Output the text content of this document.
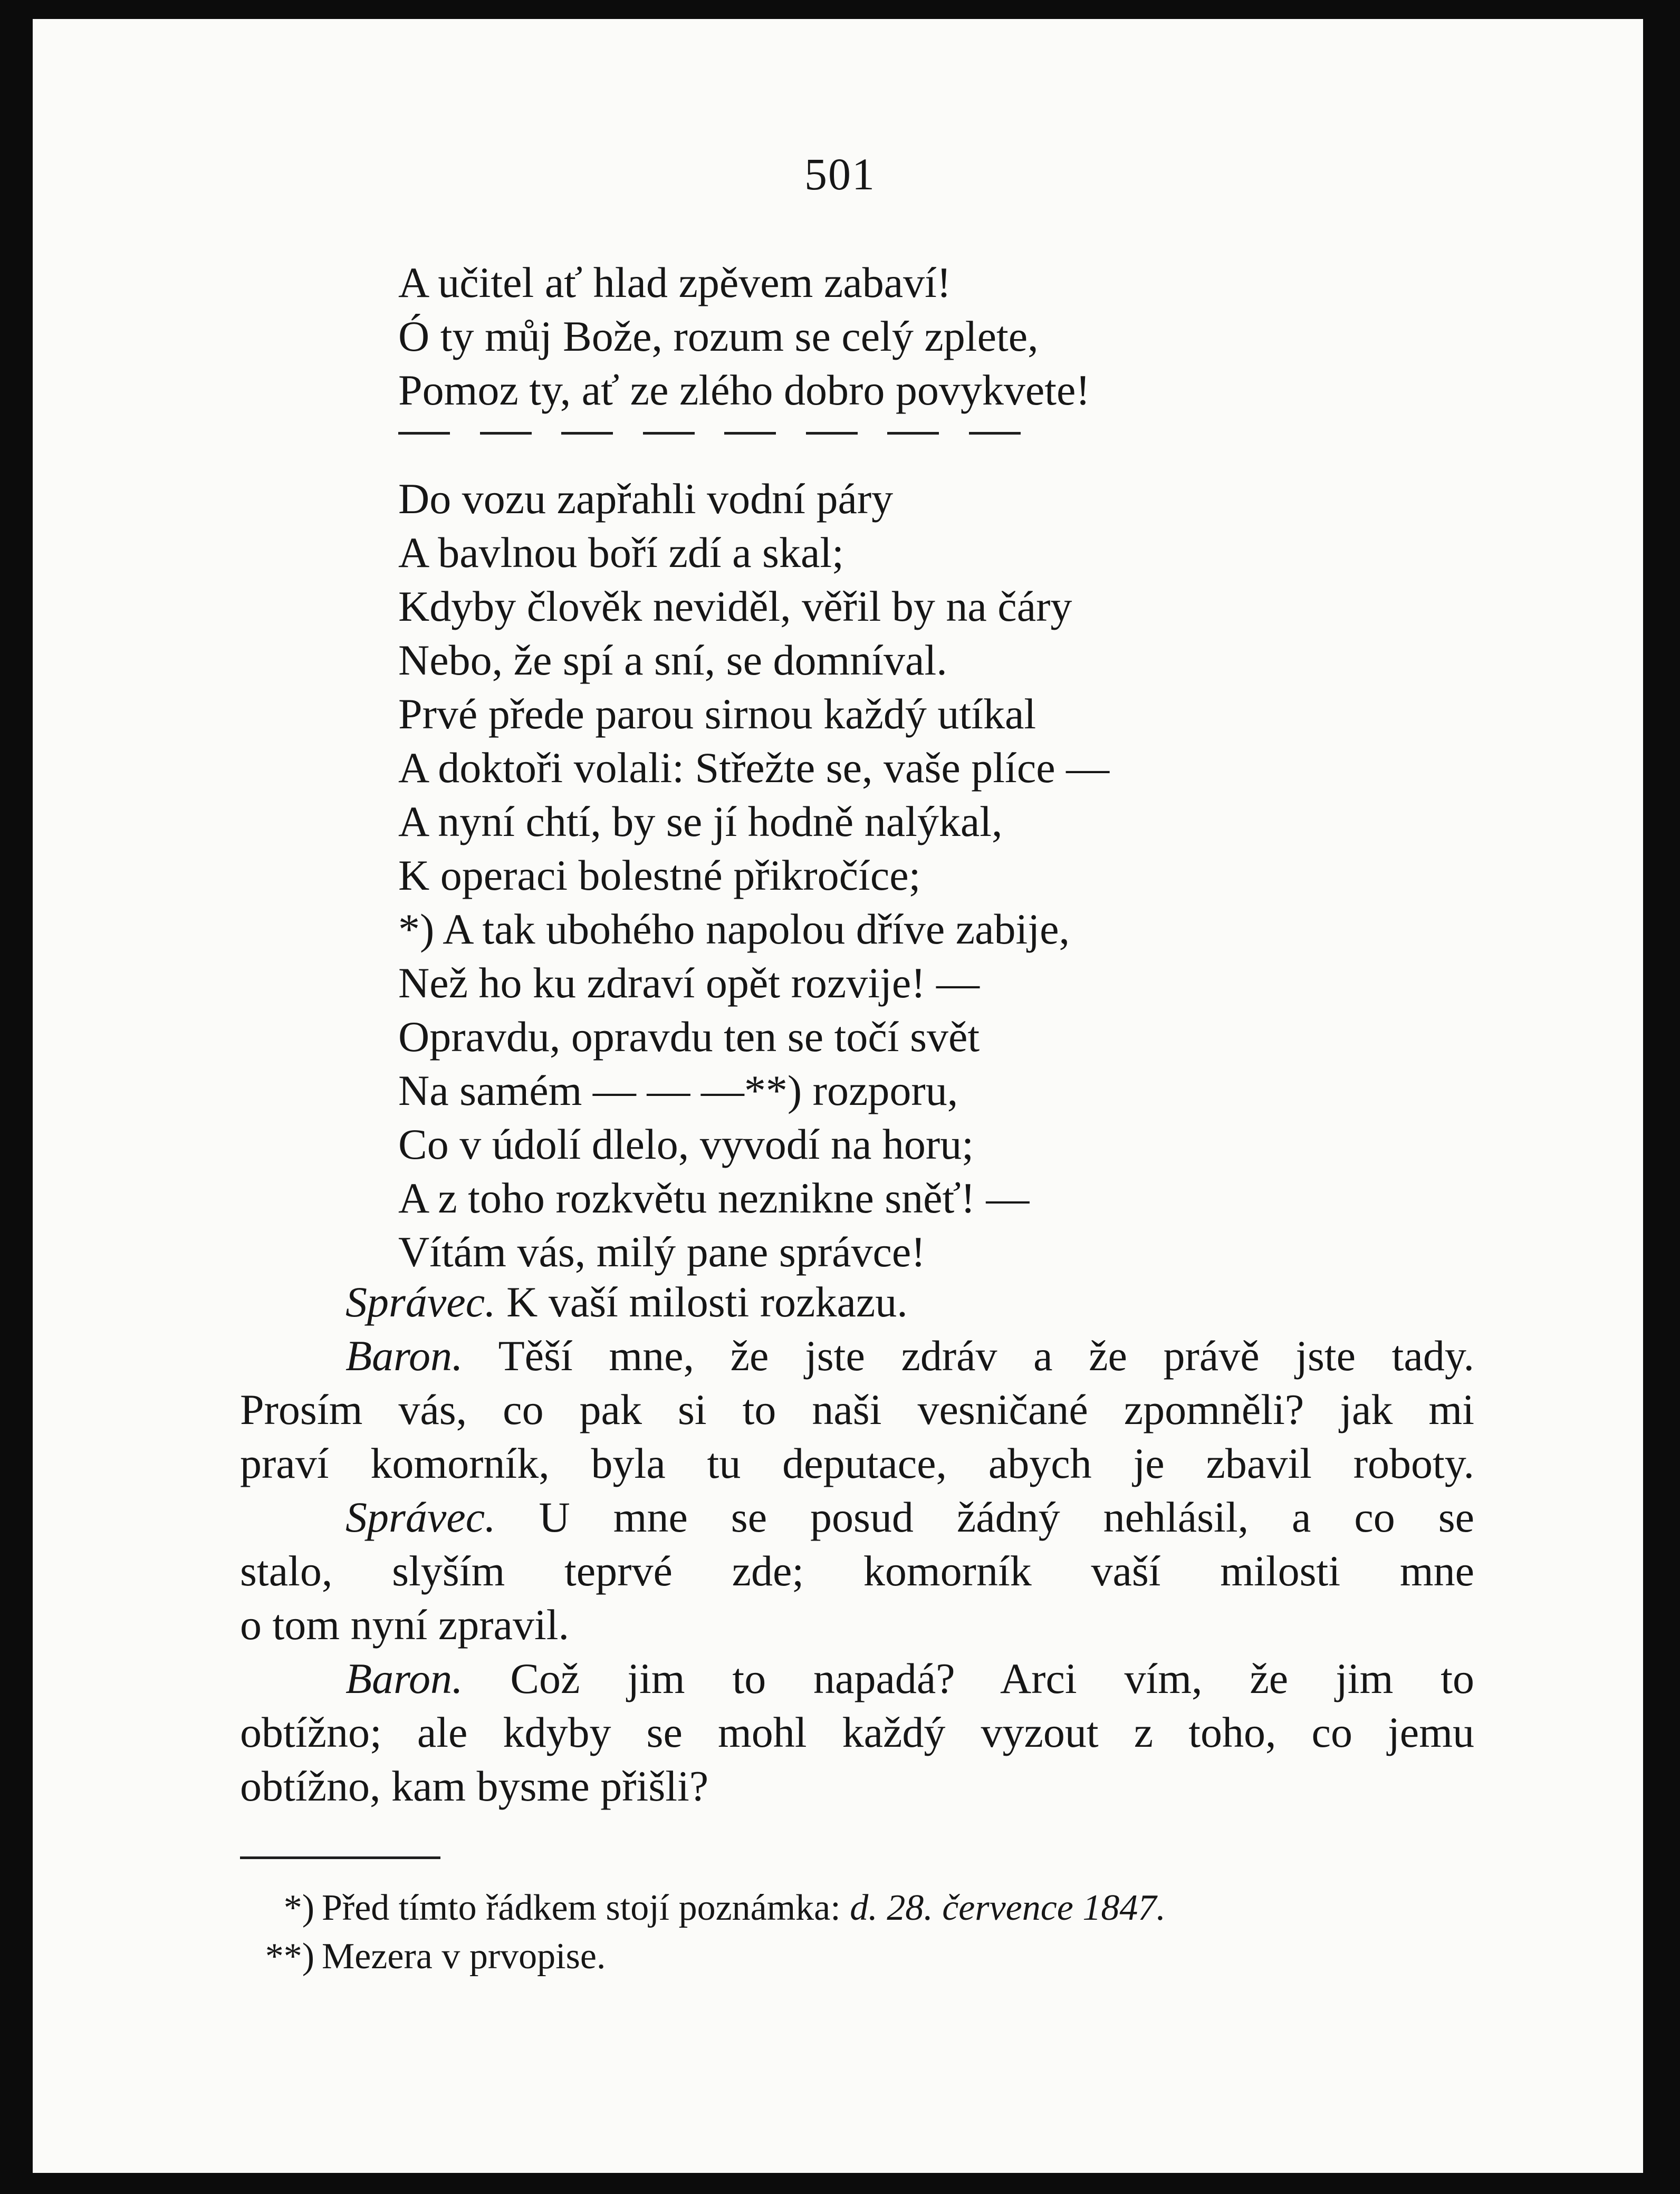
501
A učitel ať hlad zpěvem zabaví!
Ó ty můj Bože, rozum se celý zplete,
Pomoz ty, ať ze zlého dobro povykvete!
Do vozu zapřahli vodní páry
A bavlnou boří zdí a skal;
Kdyby člověk neviděl, věřil by na čáry
Nebo, že spí a sní, se domníval.
Prvé přede parou sirnou každý utíkal
A doktoři volali: Střežte se, vaše plíce —
A nyní chtí, by se jí hodně nalýkal,
K operaci bolestné přikročíce;
*) A tak ubohého napolou dříve zabije,
Než ho ku zdraví opět rozvije! —
Opravdu, opravdu ten se točí svět
Na samém — — —**) rozporu,
Co v údolí dlelo, vyvodí na horu;
A z toho rozkvětu neznikne sněť! —
Vítám vás, milý pane správce!
Správec. K vaší milosti rozkazu.
Baron. Těší mne, že jste zdráv a že právě jste tady.
Prosím vás, co pak si to naši vesničané zpomněli? jak mi
praví komorník, byla tu deputace, abych je zbavil roboty.
Správec. U mne se posud žádný nehlásil, a co se
stalo, slyším teprvé zde; komorník vaší milosti mne
o tom nyní zpravil.
Baron. Což jim to napadá? Arci vím, že jim to
obtížno; ale kdyby se mohl každý vyzout z toho, co jemu
obtížno, kam bysme přišli?
*) Před tímto řádkem stojí poznámka: d. 28. července 1847.
**) Mezera v prvopise.
